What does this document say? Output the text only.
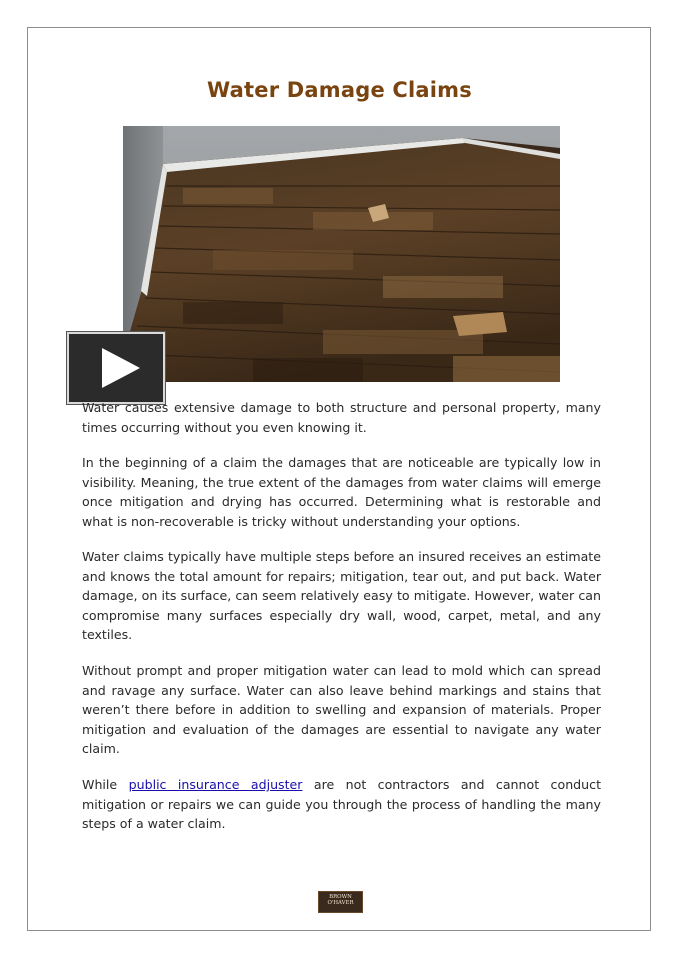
Water Damage Claims

Water causes extensive damage to both structure and personal property, many times occurring without you even knowing it.

In the beginning of a claim the damages that are noticeable are typically low in visibility. Meaning, the true extent of the damages from water claims will emerge once mitigation and drying has occurred. Determining what is restorable and what is non-recoverable is tricky without understanding your options.

Water claims typically have multiple steps before an insured receives an estimate and knows the total amount for repairs; mitigation, tear out, and put back. Water damage, on its surface, can seem relatively easy to mitigate. However, water can compromise many surfaces especially dry wall, wood, carpet, metal, and any textiles.

Without prompt and proper mitigation water can lead to mold which can spread and ravage any surface. Water can also leave behind markings and stains that weren’t there before in addition to swelling and expansion of materials. Proper mitigation and evaluation of the damages are essential to navigate any water claim.

While public insurance adjuster are not contractors and cannot conduct mitigation or repairs we can guide you through the process of handling the many steps of a water claim.

BROWN
O'HAVER
